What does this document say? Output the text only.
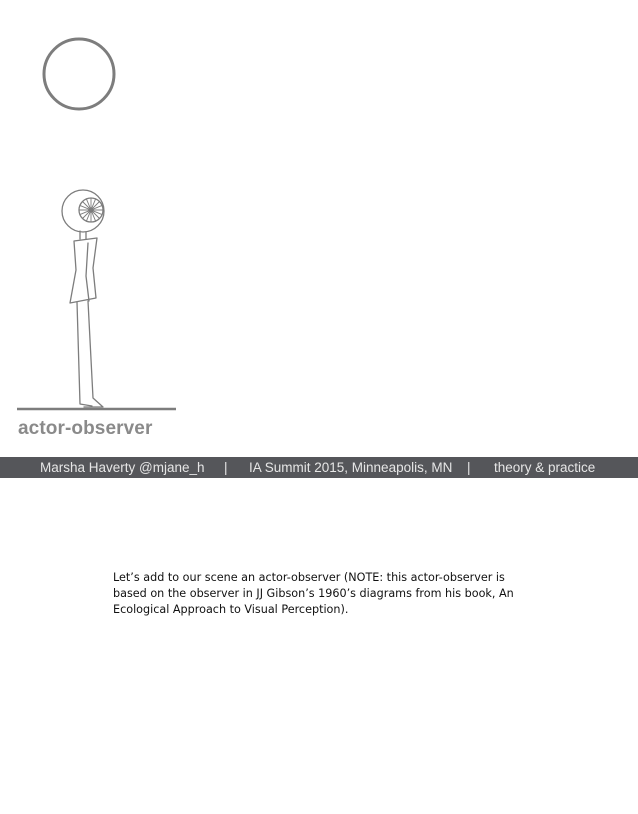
actor-observer
Marsha Haverty @mjane_h | IA Summit 2015, Minneapolis, MN | theory & practice

Let’s add to our scene an actor-observer (NOTE: this actor-observer is based on the observer in JJ Gibson’s 1960’s diagrams from his book, An Ecological Approach to Visual Perception).
